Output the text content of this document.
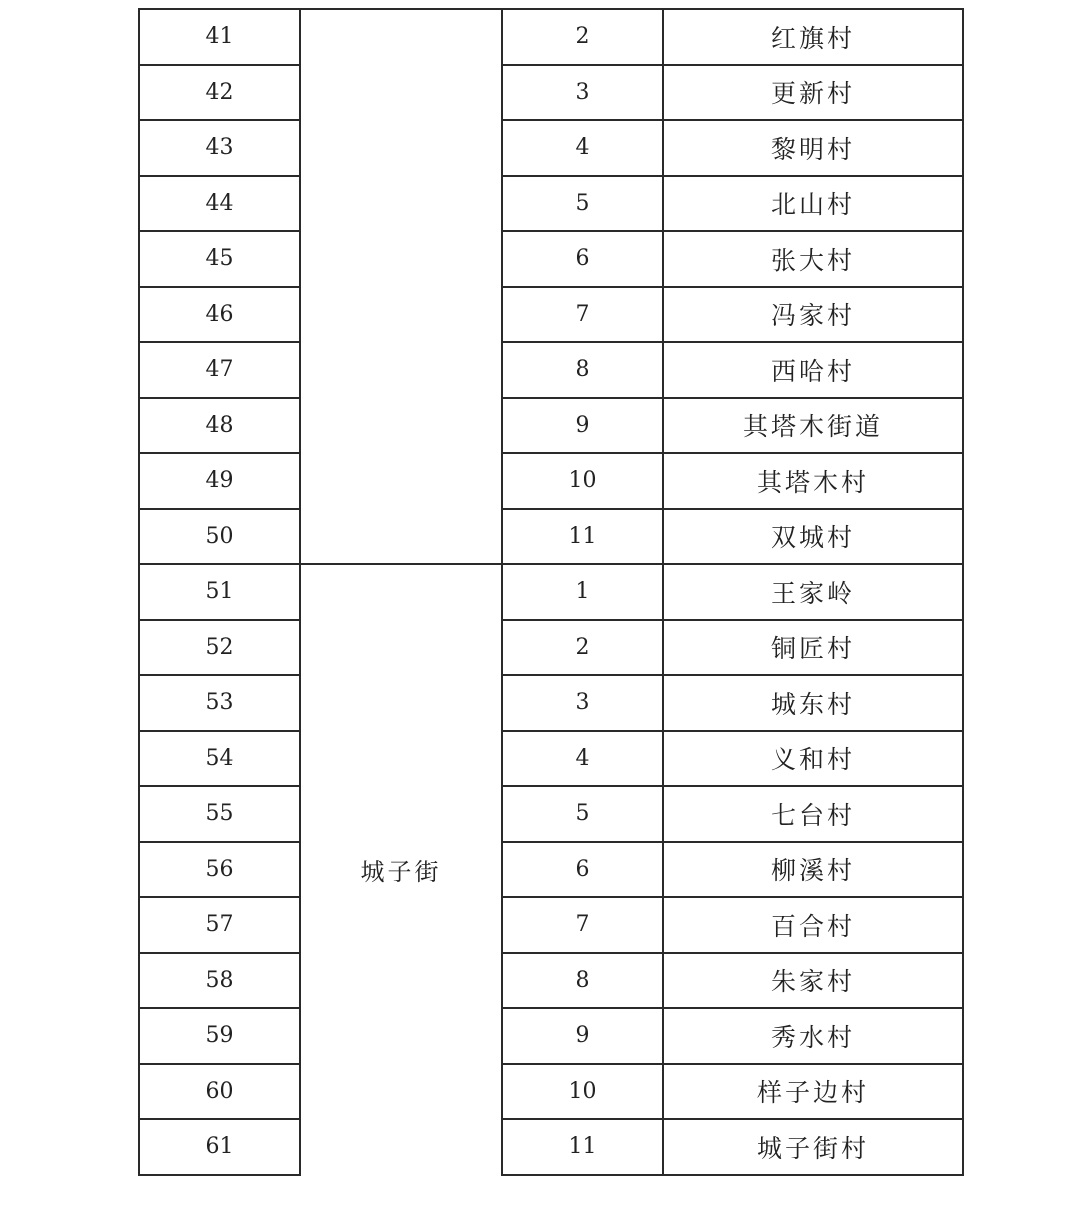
41		2	红旗村
42		3	更新村
43		4	黎明村
44		5	北山村
45		6	张大村
46		7	冯家村
47		8	西哈村
48		9	其塔木街道
49		10	其塔木村
50		11	双城村
51	城子街	1	王家岭
52		2	铜匠村
53		3	城东村
54		4	义和村
55		5	七台村
56		6	柳溪村
57		7	百合村
58		8	朱家村
59		9	秀水村
60		10	样子边村
61		11	城子街村
